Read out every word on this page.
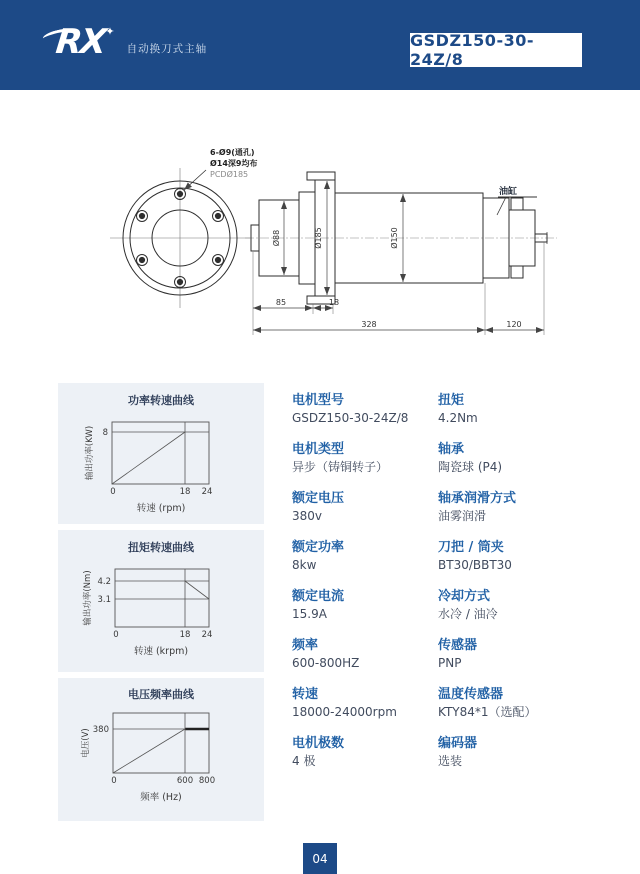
RX
✦
自动换刀式主轴	GSDZ150-30-24Z/8
6-Ø9(通孔)
Ø14深9均布
PCDØ185
油缸
Ø88	Ø185	Ø150
85	18
328	120
功率转速曲线
8
0	18 24
转速 (rpm)
输出功率(KW)
扭矩转速曲线
4.2
3.1
0	18 24
转速 (krpm)
输出功率(Nm)
电压频率曲线
380
0	600 800
频率 (Hz)
电压(V)
电机型号
GSDZ150-30-24Z/8
电机类型
异步（铸铜转子）
额定电压
380v
额定功率
8kw
额定电流
15.9A
频率
600-800HZ
转速
18000-24000rpm
电机极数
4 极
扭矩
4.2Nm
轴承
陶瓷球 (P4)
轴承润滑方式
油雾润滑
刀把 / 筒夹
BT30/BBT30
冷却方式
水冷 / 油冷
传感器
PNP
温度传感器
KTY84*1（选配）
编码器
选装
04
